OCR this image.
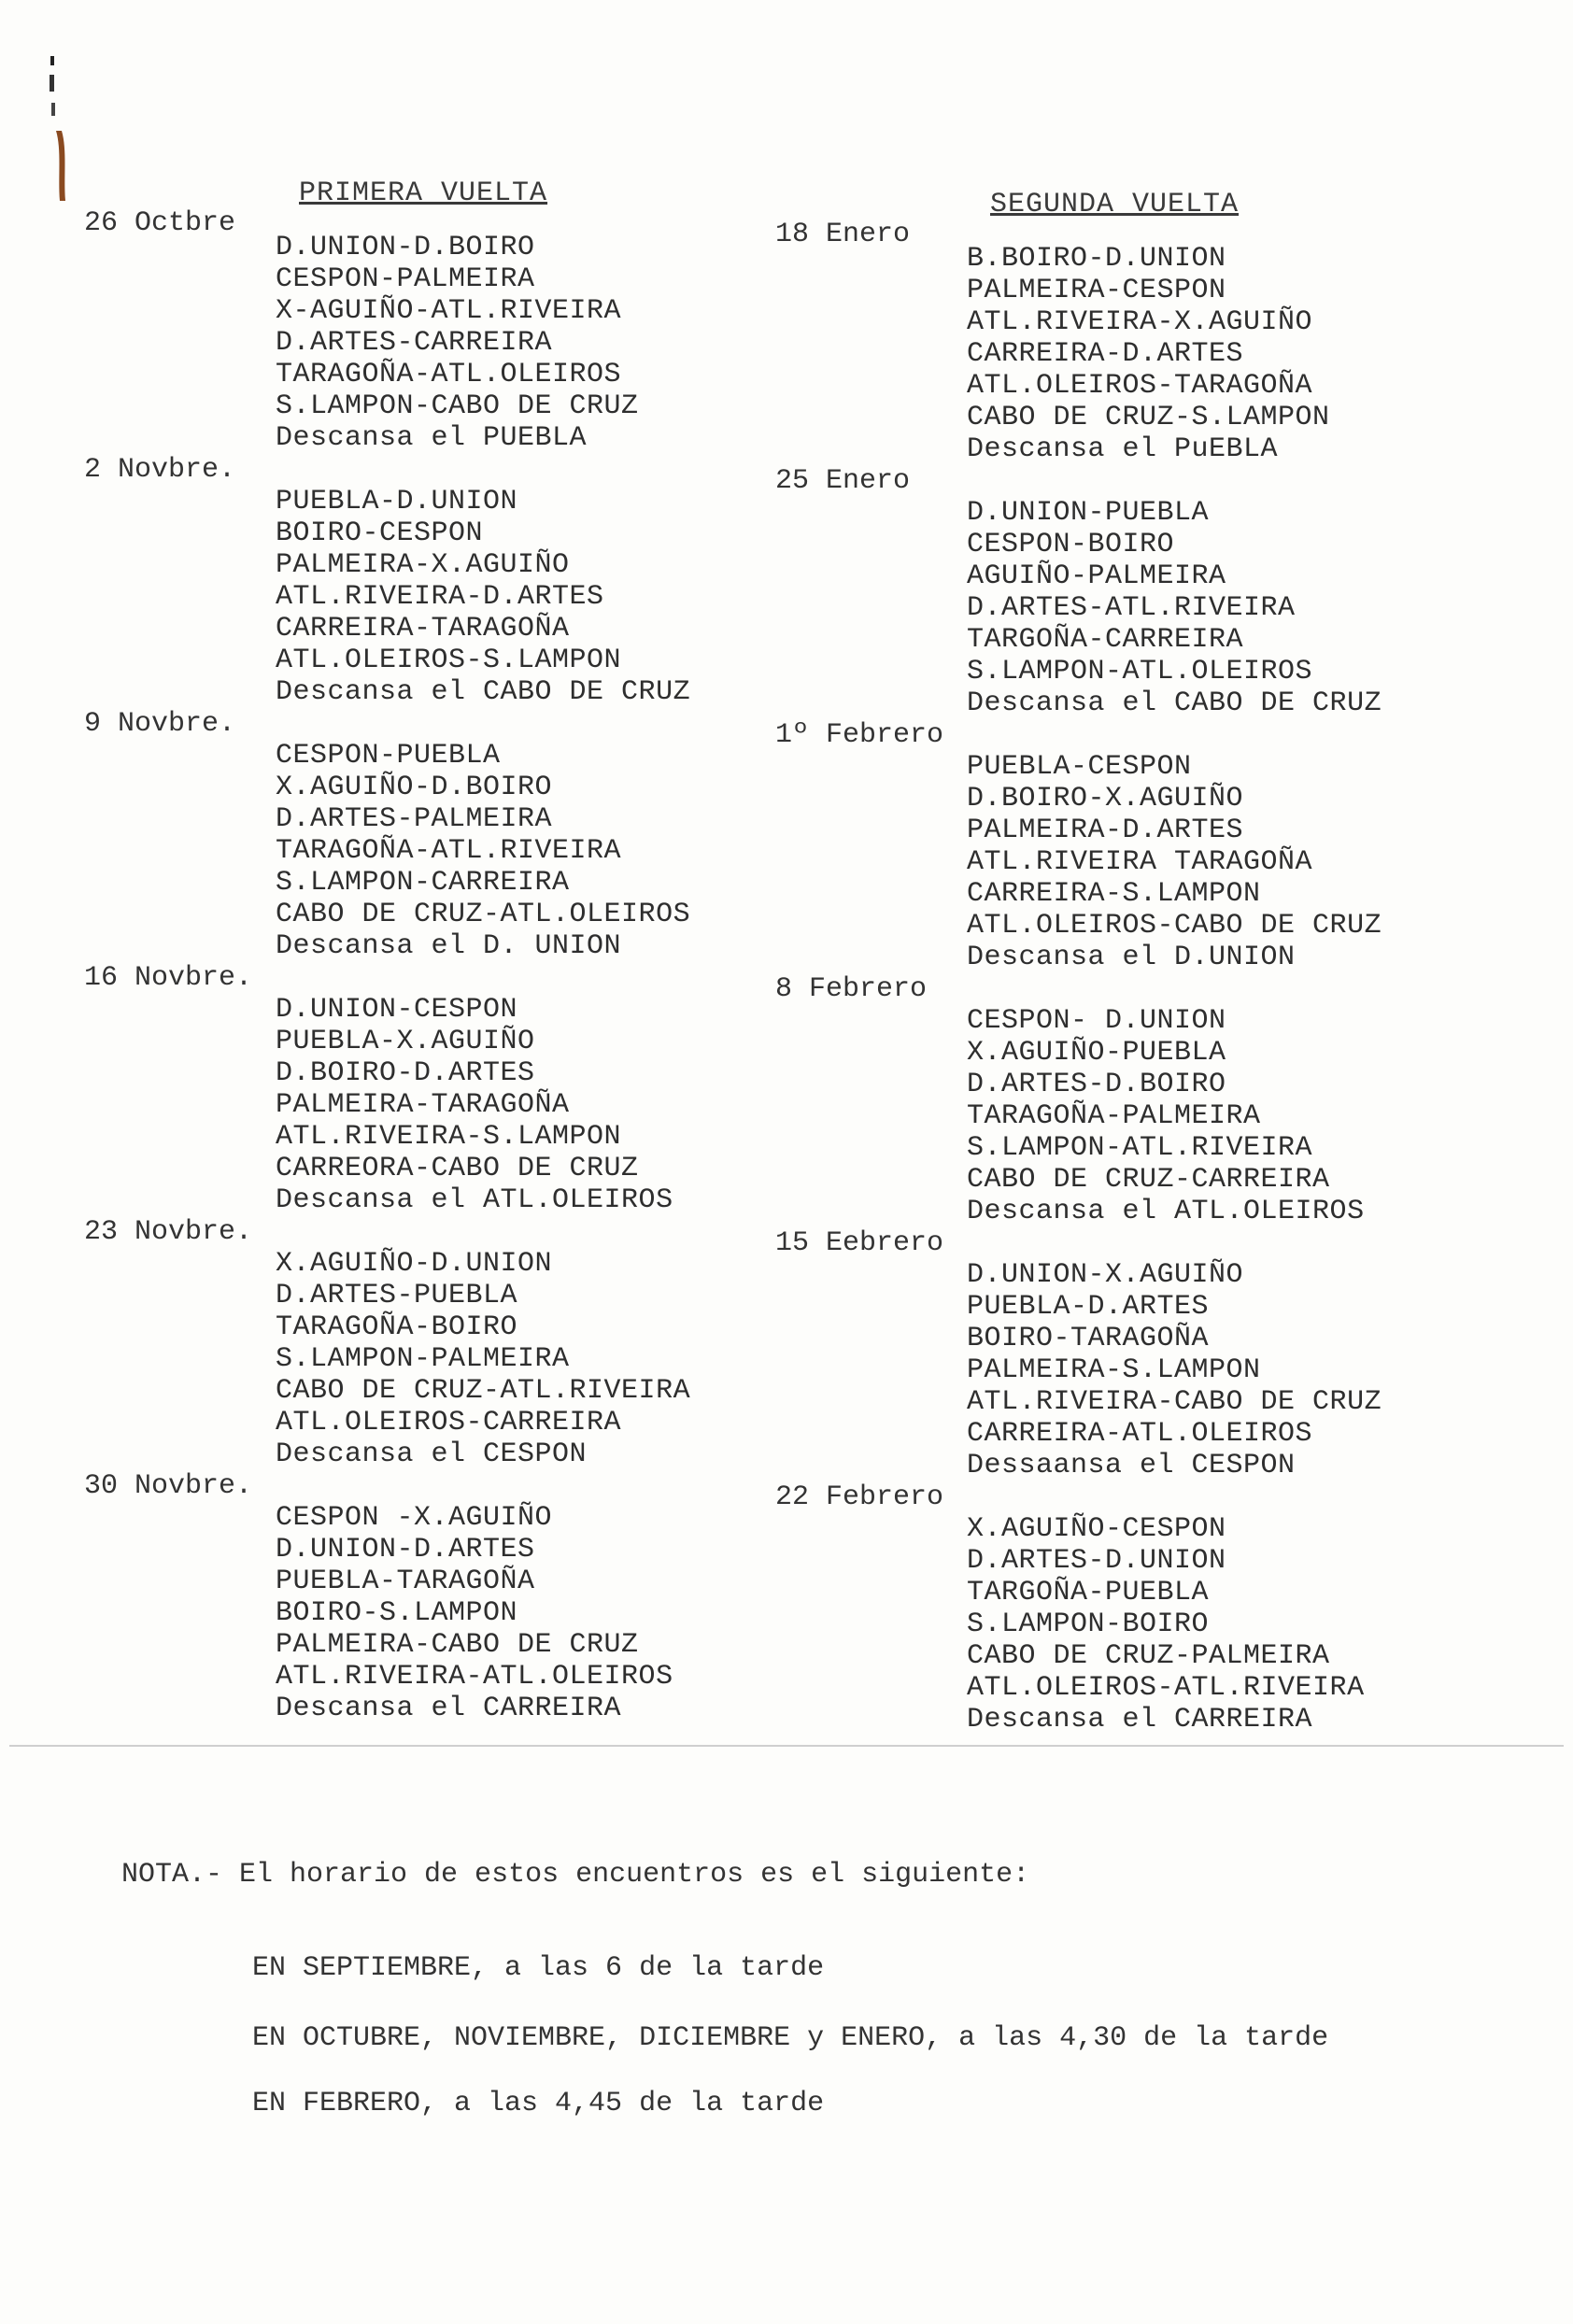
PRIMERA VUELTA
26 Octbre
D.UNION-D.BOIRO
CESPON-PALMEIRA
X-AGUIÑO-ATL.RIVEIRA
D.ARTES-CARREIRA
TARAGOÑA-ATL.OLEIROS
S.LAMPON-CABO DE CRUZ
Descansa el PUEBLA
2 Novbre.
PUEBLA-D.UNION
BOIRO-CESPON
PALMEIRA-X.AGUIÑO
ATL.RIVEIRA-D.ARTES
CARREIRA-TARAGOÑA
ATL.OLEIROS-S.LAMPON
Descansa el CABO DE CRUZ
9 Novbre.
CESPON-PUEBLA
X.AGUIÑO-D.BOIRO
D.ARTES-PALMEIRA
TARAGOÑA-ATL.RIVEIRA
S.LAMPON-CARREIRA
CABO DE CRUZ-ATL.OLEIROS
Descansa el D. UNION
16 Novbre.
D.UNION-CESPON
PUEBLA-X.AGUIÑO
D.BOIRO-D.ARTES
PALMEIRA-TARAGOÑA
ATL.RIVEIRA-S.LAMPON
CARREORA-CABO DE CRUZ
Descansa el ATL.OLEIROS
23 Novbre.
X.AGUIÑO-D.UNION
D.ARTES-PUEBLA
TARAGOÑA-BOIRO
S.LAMPON-PALMEIRA
CABO DE CRUZ-ATL.RIVEIRA
ATL.OLEIROS-CARREIRA
Descansa el CESPON
30 Novbre.
CESPON -X.AGUIÑO
D.UNION-D.ARTES
PUEBLA-TARAGOÑA
BOIRO-S.LAMPON
PALMEIRA-CABO DE CRUZ
ATL.RIVEIRA-ATL.OLEIROS
Descansa el CARREIRA
SEGUNDA VUELTA
18 Enero
B.BOIRO-D.UNION
PALMEIRA-CESPON
ATL.RIVEIRA-X.AGUIÑO
CARREIRA-D.ARTES
ATL.OLEIROS-TARAGOÑA
CABO DE CRUZ-S.LAMPON
Descansa el PuEBLA
25 Enero
D.UNION-PUEBLA
CESPON-BOIRO
AGUIÑO-PALMEIRA
D.ARTES-ATL.RIVEIRA
TARGOÑA-CARREIRA
S.LAMPON-ATL.OLEIROS
Descansa el CABO DE CRUZ
1º Febrero
PUEBLA-CESPON
D.BOIRO-X.AGUIÑO
PALMEIRA-D.ARTES
ATL.RIVEIRA TARAGOÑA
CARREIRA-S.LAMPON
ATL.OLEIROS-CABO DE CRUZ
Descansa el D.UNION
8 Febrero
CESPON- D.UNION
X.AGUIÑO-PUEBLA
D.ARTES-D.BOIRO
TARAGOÑA-PALMEIRA
S.LAMPON-ATL.RIVEIRA
CABO DE CRUZ-CARREIRA
Descansa el ATL.OLEIROS
15 Eebrero
D.UNION-X.AGUIÑO
PUEBLA-D.ARTES
BOIRO-TARAGOÑA
PALMEIRA-S.LAMPON
ATL.RIVEIRA-CABO DE CRUZ
CARREIRA-ATL.OLEIROS
Dessaansa el CESPON
22 Febrero
X.AGUIÑO-CESPON
D.ARTES-D.UNION
TARGOÑA-PUEBLA
S.LAMPON-BOIRO
CABO DE CRUZ-PALMEIRA
ATL.OLEIROS-ATL.RIVEIRA
Descansa el CARREIRA
NOTA.- El horario de estos encuentros es el siguiente:
EN SEPTIEMBRE, a las 6 de la tarde
EN OCTUBRE, NOVIEMBRE, DICIEMBRE y ENERO, a las 4,30 de la tarde
EN FEBRERO, a las 4,45 de la tarde
